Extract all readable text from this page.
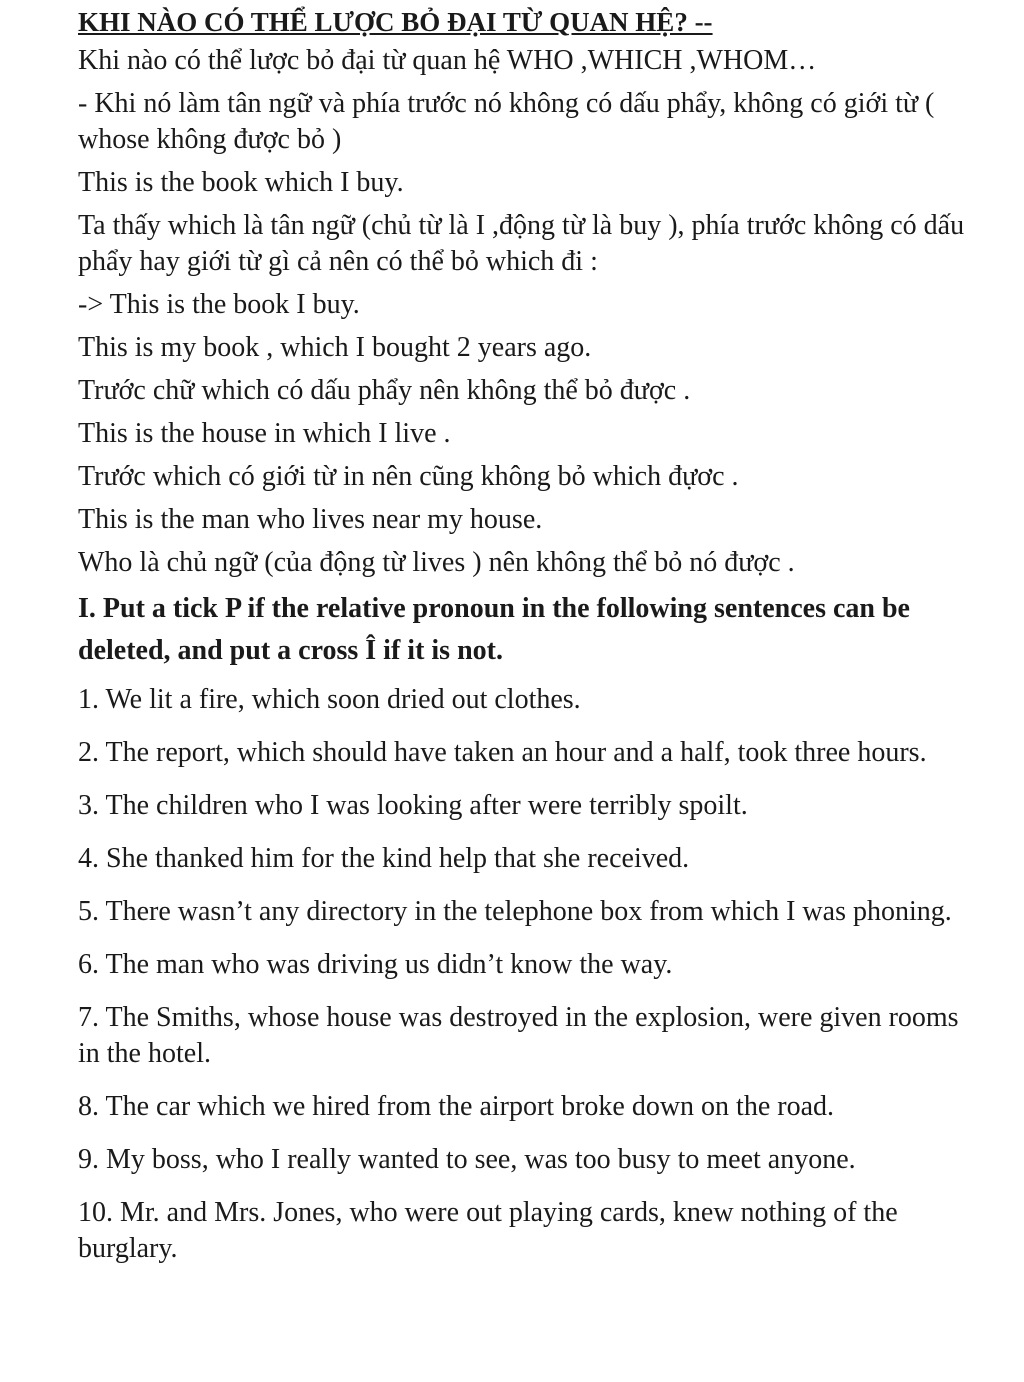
KHI NÀO CÓ THỂ LƯỢC BỎ ĐẠI TỪ QUAN HỆ? --
Khi nào có thể lược bỏ đại từ quan hệ WHO ,WHICH ,WHOM…
- Khi nó làm tân ngữ và phía trước nó không có dấu phẩy, không có giới từ ( whose không được bỏ )
This is the book which I buy.
Ta thấy which là tân ngữ (chủ từ là I ,động từ là buy ), phía trước không có dấu phẩy hay giới từ gì cả nên có thể bỏ which đi :
-> This is the book I buy.
This is my book , which I bought 2 years ago.
Trước chữ which có dấu phẩy nên không thể bỏ được .
This is the house in which I live .
Trước which có giới từ in nên cũng không bỏ which đựơc .
This is the man who lives near my house.
Who là chủ ngữ (của động từ lives ) nên không thể bỏ nó được .
I. Put a tick P if the relative pronoun in the following sentences can be deleted, and put a cross Î if it is not.
1. We lit a fire, which soon dried out clothes.
2. The report, which should have taken an hour and a half, took three hours.
3. The children who I was looking after were terribly spoilt.
4. She thanked him for the kind help that she received.
5. There wasn’t any directory in the telephone box from which I was phoning.
6. The man who was driving us didn’t know the way.
7. The Smiths, whose house was destroyed in the explosion, were given rooms in the hotel.
8. The car which we hired from the airport broke down on the road.
9. My boss, who I really wanted to see, was too busy to meet anyone.
10. Mr. and Mrs. Jones, who were out playing cards, knew nothing of the burglary.
